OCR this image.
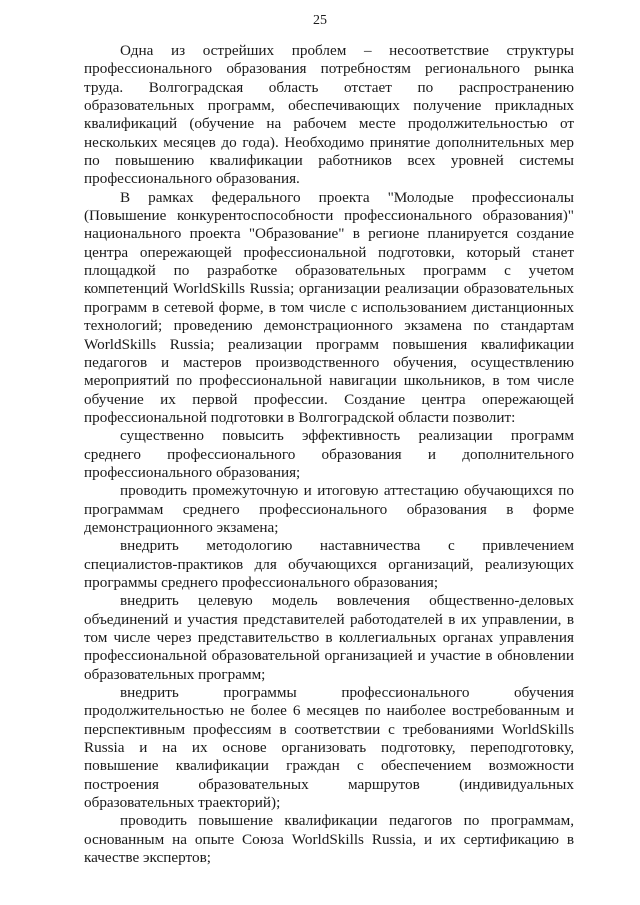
25

Одна из острейших проблем – несоответствие структуры профессионального образования потребностям регионального рынка труда. Волгоградская область отстает по распространению образовательных программ, обеспечивающих получение прикладных квалификаций (обучение на рабочем месте продолжительностью от нескольких месяцев до года). Необходимо принятие дополнительных мер по повышению квалификации работников всех уровней системы профессионального образования.

В рамках федерального проекта "Молодые профессионалы (Повышение конкурентоспособности профессионального образования)" национального проекта "Образование" в регионе планируется создание центра опережающей профессиональной подготовки, который станет площадкой по разработке образовательных программ с учетом компетенций WorldSkills Russia; организации реализации образовательных программ в сетевой форме, в том числе с использованием дистанционных технологий; проведению демонстрационного экзамена по стандартам WorldSkills Russia; реализации программ повышения квалификации педагогов и мастеров производственного обучения, осуществлению мероприятий по профессиональной навигации школьников, в том числе обучение их первой профессии. Создание центра опережающей профессиональной подготовки в Волгоградской области позволит:

существенно повысить эффективность реализации программ среднего профессионального образования и дополнительного профессионального образования;

проводить промежуточную и итоговую аттестацию обучающихся по программам среднего профессионального образования в форме демонстрационного экзамена;

внедрить методологию наставничества с привлечением специалистов-практиков для обучающихся организаций, реализующих программы среднего профессионального образования;

внедрить целевую модель вовлечения общественно-деловых объединений и участия представителей работодателей в их управлении, в том числе через представительство в коллегиальных органах управления профессиональной образовательной организацией и участие в обновлении образовательных программ;

внедрить программы профессионального обучения продолжительностью не более 6 месяцев по наиболее востребованным и перспективным профессиям в соответствии с требованиями WorldSkills Russia и на их основе организовать подготовку, переподготовку, повышение квалификации граждан с обеспечением возможности построения образовательных маршрутов (индивидуальных образовательных траекторий);

проводить повышение квалификации педагогов по программам, основанным на опыте Союза WorldSkills Russia, и их сертификацию в качестве экспертов;
